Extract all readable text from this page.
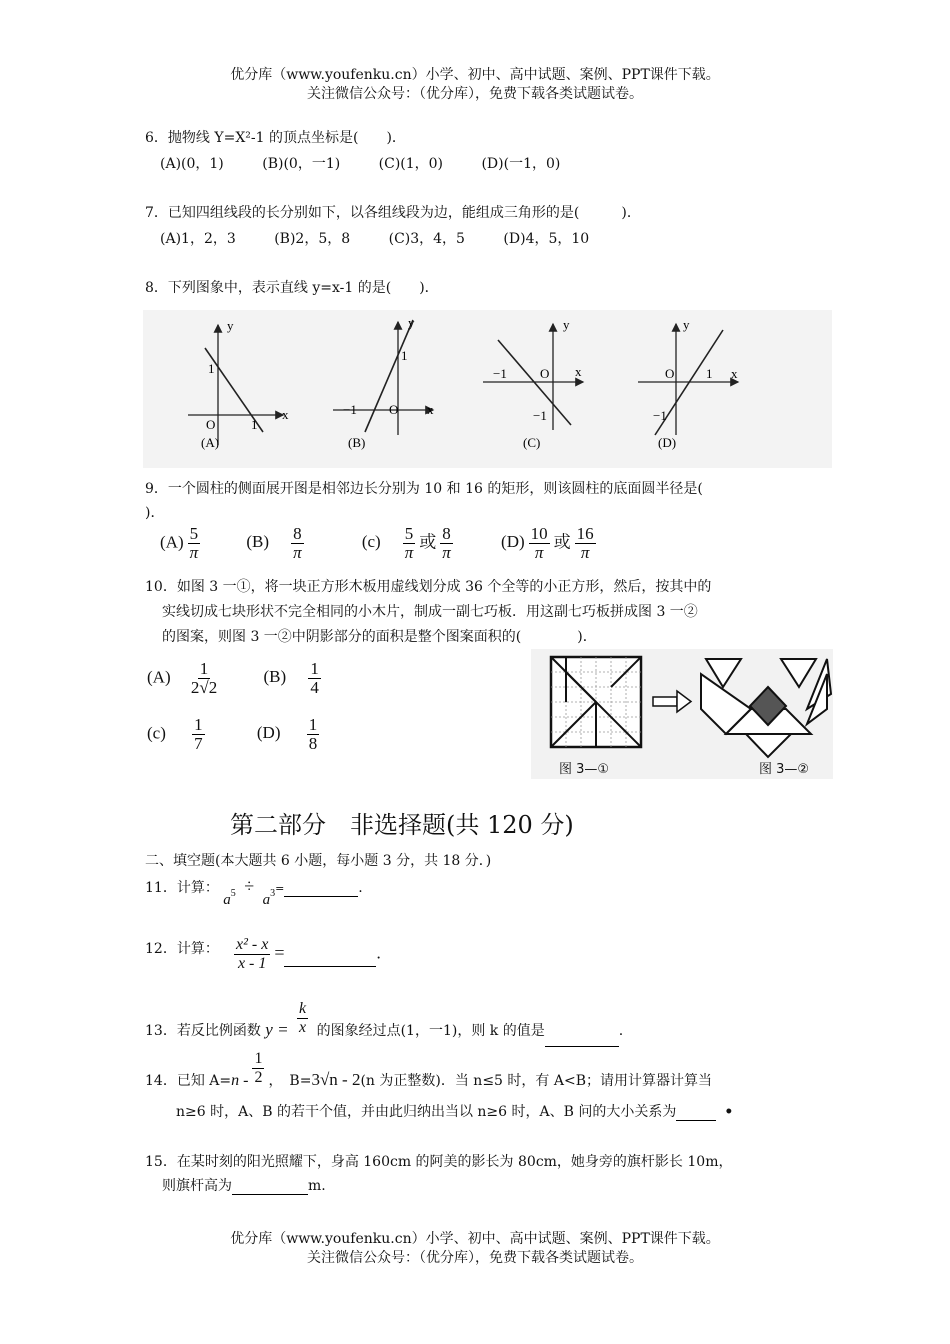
优分库（www.youfenku.cn）小学、初中、高中试题、案例、PPT课件下载。
关注微信公众号：（优分库），免费下载各类试题试卷。
6．抛物线 Y=X²-1 的顶点坐标是(　　)．
(A)(0，1)	(B)(0，一1)	(C)(1，0)	(D)(一1，0)
7．已知四组线段的长分别如下，以各组线段为边，能组成三角形的是(　　　)．
(A)1，2，3	(B)2，5，8	(C)3，4，5	(D)4，5，10
8．下列图象中，表示直线 y=x-1 的是(　　)．
y
x
O
1
1
(A)
y
x
O
1
−1
(B)
y
x
O
−1
−1
(C)
y
x
O 1
−1
(D)
9．一个圆柱的侧面展开图是相邻边长分别为 10 和 16 的矩形，则该圆柱的底面圆半径是(
)．
$(A) \frac{5}{\pi}$	$(B) \frac{8}{\pi}$	$(c) \frac{5}{\pi}$ 或 $\frac{8}{\pi}$	$(D) \frac{10}{\pi}$ 或 $\frac{16}{\pi}$
10．如图 3 一①，将一块正方形木板用虚线划分成 36 个全等的小正方形，然后，按其中的
实线切成七块形状不完全相同的小木片，制成一副七巧板．用这副七巧板拼成图 3 一②
的图案，则图 3 一②中阴影部分的面积是整个图案面积的(　　　　)．
$(A) \frac{1}{2√2}$	$(B) \frac{1}{4}$
$(c) \frac{1}{7}$	$(D) \frac{1}{8}$
图 3—①	图 3—②
第二部分　非选择题(共 120 分)
二、填空题(本大题共 6 小题，每小题 3 分，共 18 分．)
11．计算： $a^5 \div a^3=$	.
12．计算： $\frac{\text{x² - x}}{x - 1}$ =	.
13．若反比例函数 $y = \frac{k}{x}$ 的图象经过点(1，一1)，则 k 的值是	.
14．已知 $A=n - \frac{1}{2}$ ，　B=3√n - 2(n 为正整数)．当 n≤5 时，有 A<B；请用计算器计算当
n≥6 时，A、B 的若干个值，并由此归纳出当以 n≥6 时，A、B 问的大小关系为	•
15．在某时刻的阳光照耀下，身高 160cm 的阿美的影长为 80cm，她身旁的旗杆影长 10m，
则旗杆高为	m.
优分库（www.youfenku.cn）小学、初中、高中试题、案例、PPT课件下载。
关注微信公众号：（优分库），免费下载各类试题试卷。
